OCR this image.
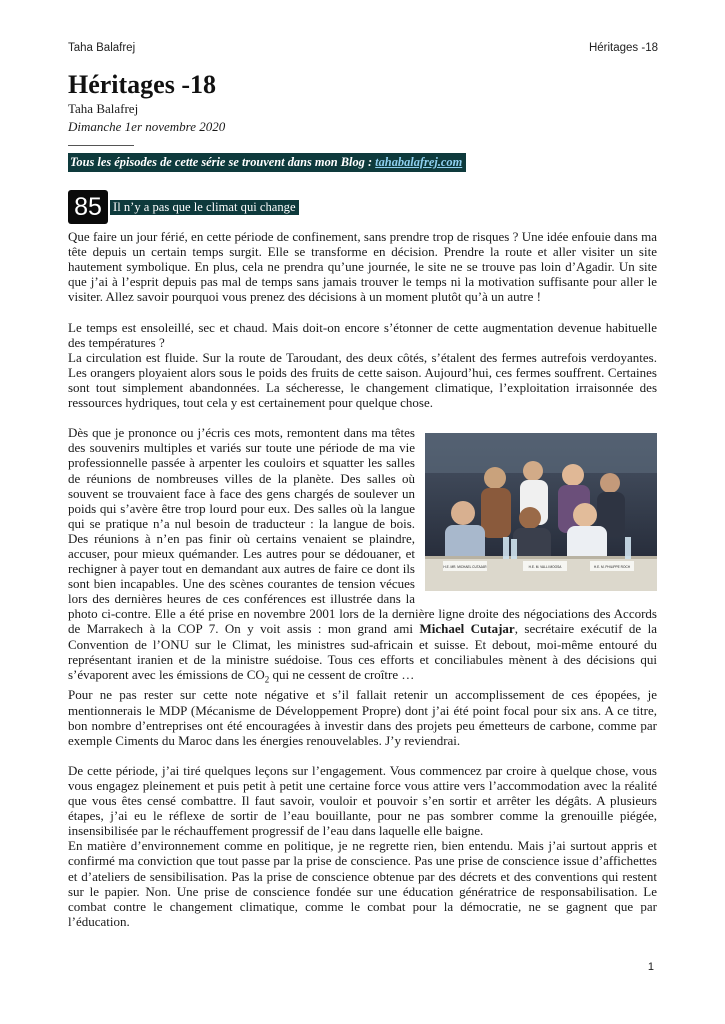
Taha Balafrej	Héritages -18
Héritages -18
Taha Balafrej
Dimanche 1er novembre 2020
Tous les épisodes de cette série se trouvent dans mon Blog : tahabalafrej.com
85 Il n’y a pas que le climat qui change

Que faire un jour férié, en cette période de confinement, sans prendre trop de risques ? Une idée enfouie dans ma tête depuis un certain temps surgit. Elle se transforme en décision. Prendre la route et aller visiter un site hautement symbolique. En plus, cela ne prendra qu’une journée, le site ne se trouve pas loin d’Agadir. Un site que j’ai à l’esprit depuis pas mal de temps sans jamais trouver le temps ni la motivation suffisante pour aller le visiter. Allez savoir pourquoi vous prenez des décisions à un moment plutôt qu’à un autre !

Le temps est ensoleillé, sec et chaud. Mais doit-on encore s’étonner de cette augmentation devenue habituelle des températures ?

La circulation est fluide. Sur la route de Taroudant, des deux côtés, s’étalent des fermes autrefois verdoyantes. Les orangers ployaient alors sous le poids des fruits de cette saison. Aujourd’hui, ces fermes souffrent. Certaines sont tout simplement abandonnées. La sécheresse, le changement climatique, l’exploitation irraisonnée des ressources hydriques, tout cela y est certainement pour quelque chose.

H.E. MR. MICHAEL CUTAJAR	H.E. M. VALLI MOOSA	H.E. M. PHILIPPE ROCH
Dès que je prononce ou j’écris ces mots, remontent dans ma têtes des souvenirs multiples et variés sur toute une période de ma vie professionnelle passée à arpenter les couloirs et squatter les salles de réunions de nombreuses villes de la planète. Des salles où souvent se trouvaient face à face des gens chargés de soulever un poids qui s’avère être trop lourd pour eux. Des salles où la langue qui se pratique n’a nul besoin de traducteur : la langue de bois. Des réunions à n’en pas finir où certains venaient se plaindre, accuser, pour mieux quémander. Les autres pour se dédouaner, et rechigner à payer tout en demandant aux autres de faire ce dont ils sont bien incapables. Une des scènes courantes de tension vécues lors des dernières heures de ces conférences est illustrée dans la photo ci-contre. Elle a été prise en novembre 2001 lors de la dernière ligne droite des négociations des Accords de Marrakech à la COP 7. On y voit assis : mon grand ami Michael Cutajar, secrétaire exécutif de la Convention de l’ONU sur le Climat, les ministres sud-africain et suisse. Et debout, moi-même entouré du représentant iranien et de la ministre suédoise. Tous ces efforts et conciliabules mènent à des décisions qui s’évaporent avec les émissions de $CO_2$ qui ne cessent de croître …

Pour ne pas rester sur cette note négative et s’il fallait retenir un accomplissement de ces épopées, je mentionnerais le MDP (Mécanisme de Développement Propre) dont j’ai été point focal pour six ans. A ce titre, bon nombre d’entreprises ont été encouragées à investir dans des projets peu émetteurs de carbone, comme par exemple Ciments du Maroc dans les énergies renouvelables. J’y reviendrai.

De cette période, j’ai tiré quelques leçons sur l’engagement. Vous commencez par croire à quelque chose, vous vous engagez pleinement et puis petit à petit une certaine force vous attire vers l’accommodation avec la réalité que vous êtes censé combattre. Il faut savoir, vouloir et pouvoir s’en sortir et arrêter les dégâts. A plusieurs étapes, j’ai eu le réflexe de sortir de l’eau bouillante, pour ne pas sombrer comme la grenouille piégée, insensibilisée par le réchauffement progressif de l’eau dans laquelle elle baigne.

En matière d’environnement comme en politique, je ne regrette rien, bien entendu. Mais j’ai surtout appris et confirmé ma conviction que tout passe par la prise de conscience. Pas une prise de conscience issue d’affichettes et d’ateliers de sensibilisation. Pas la prise de conscience obtenue par des décrets et des conventions qui restent sur le papier. Non. Une prise de conscience fondée sur une éducation génératrice de responsabilisation. Le combat contre le changement climatique, comme le combat pour la démocratie, ne se gagnent que par l’éducation.

1
